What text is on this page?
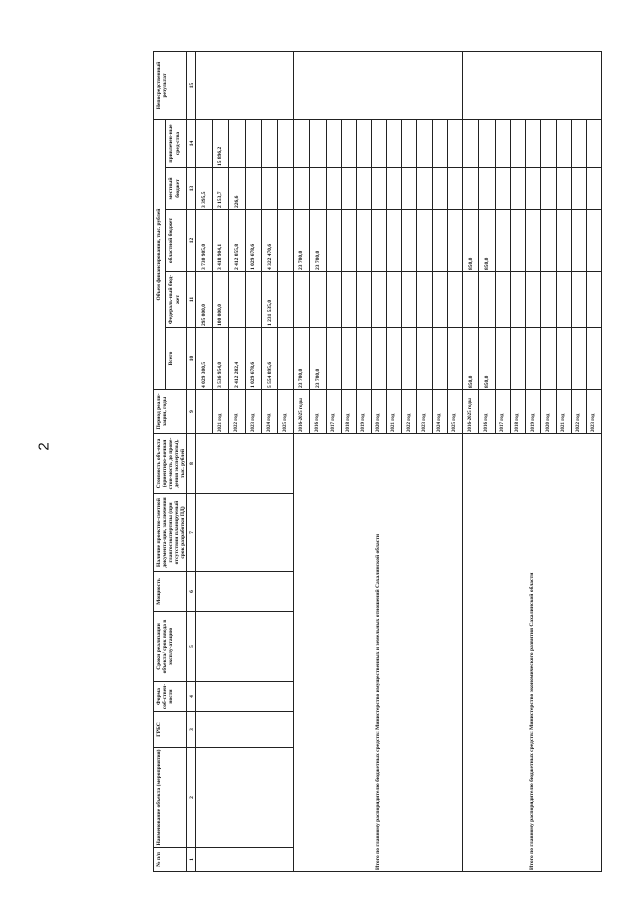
2
№ п/п	Наименование объекта (мероприятия)	ГРБС	Форма соб-ствен-ности	Сроки реализации объекта/ срок ввода в эксплу-атацию	Мощность	Наличие проектно-сметной документа-ции, заключения главгосэкспертизы (при отсутствии планируемый срок разработки ПД)	Стоимость объ-екта (ориентиро-вочная стои-мость до прове-дения экспертизы), тыс. рублей	Период реали-зации, годы	Объем финансирования, тыс. рублей					Непосредственный результат
									Всего	Федераль-ный бюд-жет	областной бюджет	местный бюджет	привлечен-ные сред-ства	
1	2	3	4	5	6	7	8	9	10	11	12	13	14	15
									4 029 300,5	295 000,0	3 730 905,0	3 395,5		
								2021 год	3 536 954,0	100 000,0	3 418 904,1	2 153,7	15 896,2	
								2022 год	2 412 282,4		2 412 055,8	226,6		
								2023 год	1 029 678,6		1 029 678,6			
								2024 год	5 554 095,6	1 231 535,0	4 322 470,6			
								2025 год						
Итого по главному распорядителю бюджетных средств: Министерство имущественных и земельных отношений Сахалинской области								2016-2025 годы	23 700,0		23 700,0			
								2016 год	23 700,0		23 700,0			
								2017 год						
								2018 год						
								2019 год						
								2020 год						
								2021 год						
								2022 год						
								2023 год						
								2024 год						
								2025 год						
Итого по главному распорядителю бюджетных средств: Министерство экономического развития Сахалинской области								2016-2025 годы	850,0		850,0			
								2016 год	850,0		850,0			
								2017 год						
								2018 год						
								2019 год						
								2020 год						
								2021 год						
								2022 год						
								2023 год						
